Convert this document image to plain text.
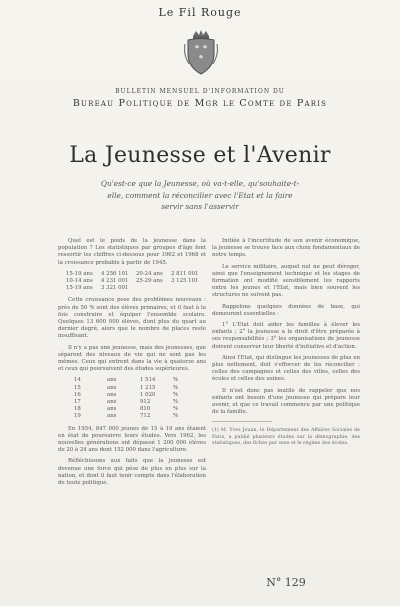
Le Fil Rouge
BULLETIN MENSUEL D'INFORMATION DU
Bureau Politique de Mgr le Comte de Paris
La Jeunesse et l'Avenir
Qu'est-ce que la Jeunesse, où va-t-elle, qu'souhaite-t-elle, comment la réconcilier avec l'Etat et la faire servir sans l'asservir

Quel est le poids de la jeunesse dans la population ? Les statistiques par groupes d'âge font ressortir les chiffres ci-dessous pour 1962 et 1968 et la croissance probable à partir de 1945.

15-19 ans	4 256 101	20-24 ans	2 811 001
10-14 ans	4 231 001	25-29 ans	3 125 101
15-19 ans	3 321 001

Cette croissance pose des problèmes nouveaux : près de 50 % sont des élèves primaires, et il faut à la fois construire et équiper l'ensemble scolaire. Quelques 13 600 000 élèves, dont plus du quart au dernier degré, alors que le nombre de places reste insuffisant.

Il n'y a pas une jeunesse, mais des jeunesses, que séparent des niveaux de vie qui ne sont pas les mêmes. Ceux qui entrent dans la vie à quatorze ans et ceux qui poursuivent des études supérieures.

14	ans	1 514	%
15	ans	1 215	%
16	ans	1 020	%
17	ans	912	%
18	ans	810	%
19	ans	712	%

En 1954, 847 000 jeunes de 15 à 19 ans étaient en état de poursuivre leurs études. Vers 1962, les nouvelles générations ont dépassé 1 200 000 élèves de 20 à 24 ans dont 152 000 dans l'agriculture.

Réfléchissons aux faits que la jeunesse est devenue une force qui pèse de plus en plus sur la nation, et dont il faut tenir compte dans l'élaboration de toute politique.

Initiée à l'incertitude de son avenir économique, la jeunesse se trouve face aux choix fondamentaux de notre temps.

Le service militaire, auquel nul ne peut déroger, ainsi que l'enseignement technique et les stages de formation ont modifié sensiblement les rapports entre les jeunes et l'Etat, mais bien souvent les structures ne suivent pas.

Rappelons quelques données de base, qui demeurent essentielles :

1° L'Etat doit aider les familles à élever les enfants ; 2° la jeunesse a le droit d'être préparée à ses responsabilités ; 3° les organisations de jeunesse doivent conserver leur liberté d'initiative et d'action.

Ainsi l'Etat, qui distingue les jeunesses de plus en plus nettement, doit s'efforcer de les réconcilier : celles des campagnes et celles des villes, celles des écoles et celles des usines.

Il n'est donc pas inutile de rappeler que nos enfants ont besoin d'une jeunesse qui prépare leur avenir, et que ce travail commence par une politique de la famille.

(1) M. Yves Jouan, le Département des Affaires Sociales de Paris, a publié plusieurs études sur la démographie, des statistiques, des fiches par sexe et le régime des écoles.
N° 129
